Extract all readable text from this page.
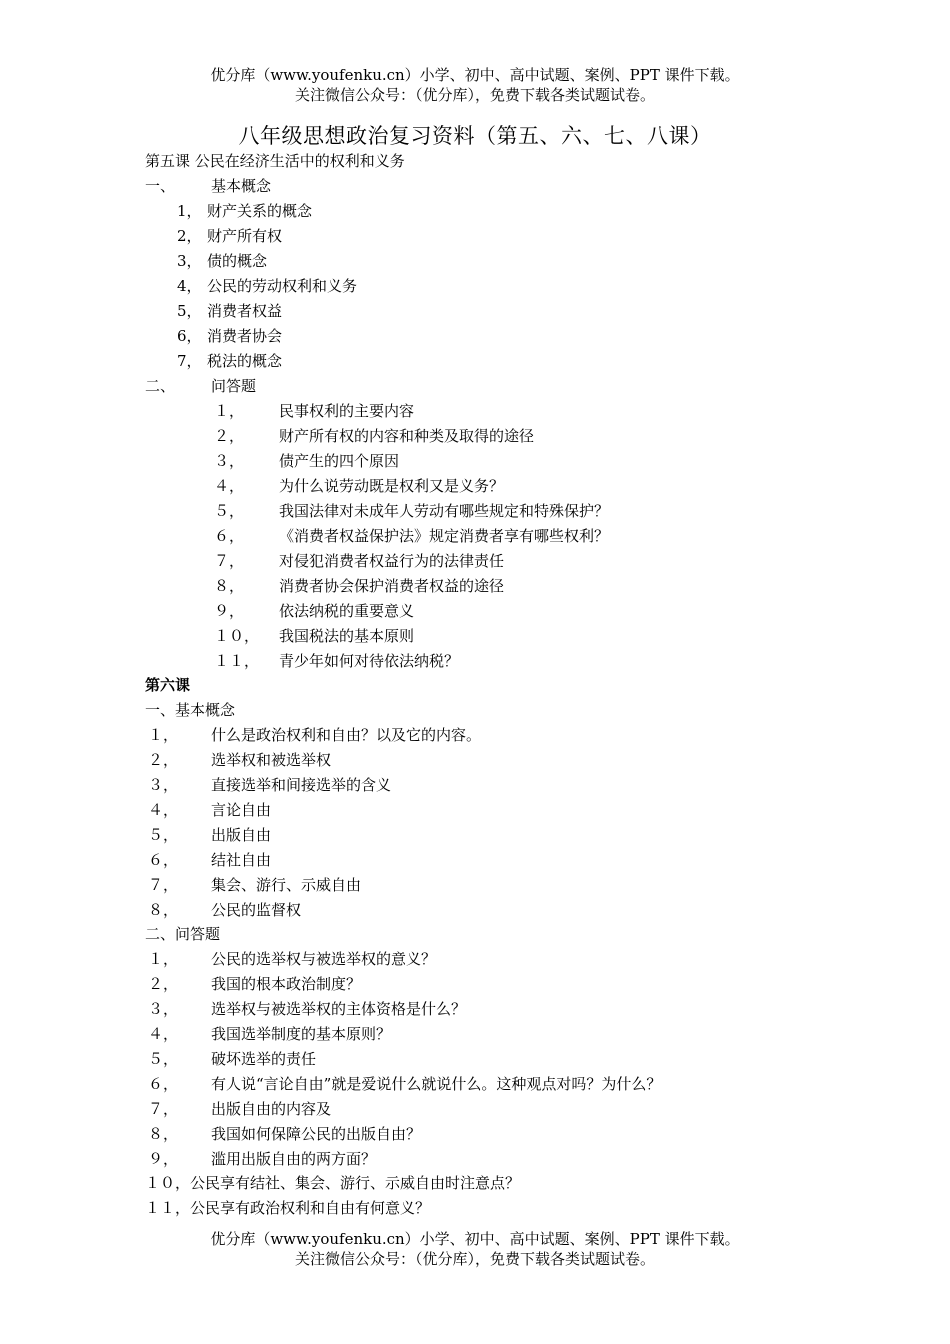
优分库（www.youfenku.cn）小学、初中、高中试题、案例、PPT 课件下载。
关注微信公众号：（优分库），免费下载各类试题试卷。
八年级思想政治复习资料（第五、六、七、八课）
第五课 公民在经济生活中的权利和义务
一、 基本概念
1， 财产关系的概念
2， 财产所有权
3， 债的概念
4， 公民的劳动权利和义务
5， 消费者权益
6， 消费者协会
7， 税法的概念
二、 问答题
１， 民事权利的主要内容
２， 财产所有权的内容和种类及取得的途径
３， 债产生的四个原因
４， 为什么说劳动既是权利又是义务？
５， 我国法律对未成年人劳动有哪些规定和特殊保护？
６， 《消费者权益保护法》规定消费者享有哪些权利？
７， 对侵犯消费者权益行为的法律责任
８， 消费者协会保护消费者权益的途径
９， 依法纳税的重要意义
１０， 我国税法的基本原则
１１， 青少年如何对待依法纳税？
第六课
一、基本概念
１， 什么是政治权利和自由？以及它的内容。
２， 选举权和被选举权
３， 直接选举和间接选举的含义
４， 言论自由
５， 出版自由
６， 结社自由
７， 集会、游行、示威自由
８， 公民的监督权
二、问答题
１， 公民的选举权与被选举权的意义？
２， 我国的根本政治制度？
３， 选举权与被选举权的主体资格是什么？
４， 我国选举制度的基本原则？
５， 破坏选举的责任
６， 有人说“言论自由”就是爱说什么就说什么。这种观点对吗？为什么？
７， 出版自由的内容及
８， 我国如何保障公民的出版自由？
９， 滥用出版自由的两方面？
１０，公民享有结社、集会、游行、示威自由时注意点？
１１，公民享有政治权利和自由有何意义？
优分库（www.youfenku.cn）小学、初中、高中试题、案例、PPT 课件下载。
关注微信公众号：（优分库），免费下载各类试题试卷。
